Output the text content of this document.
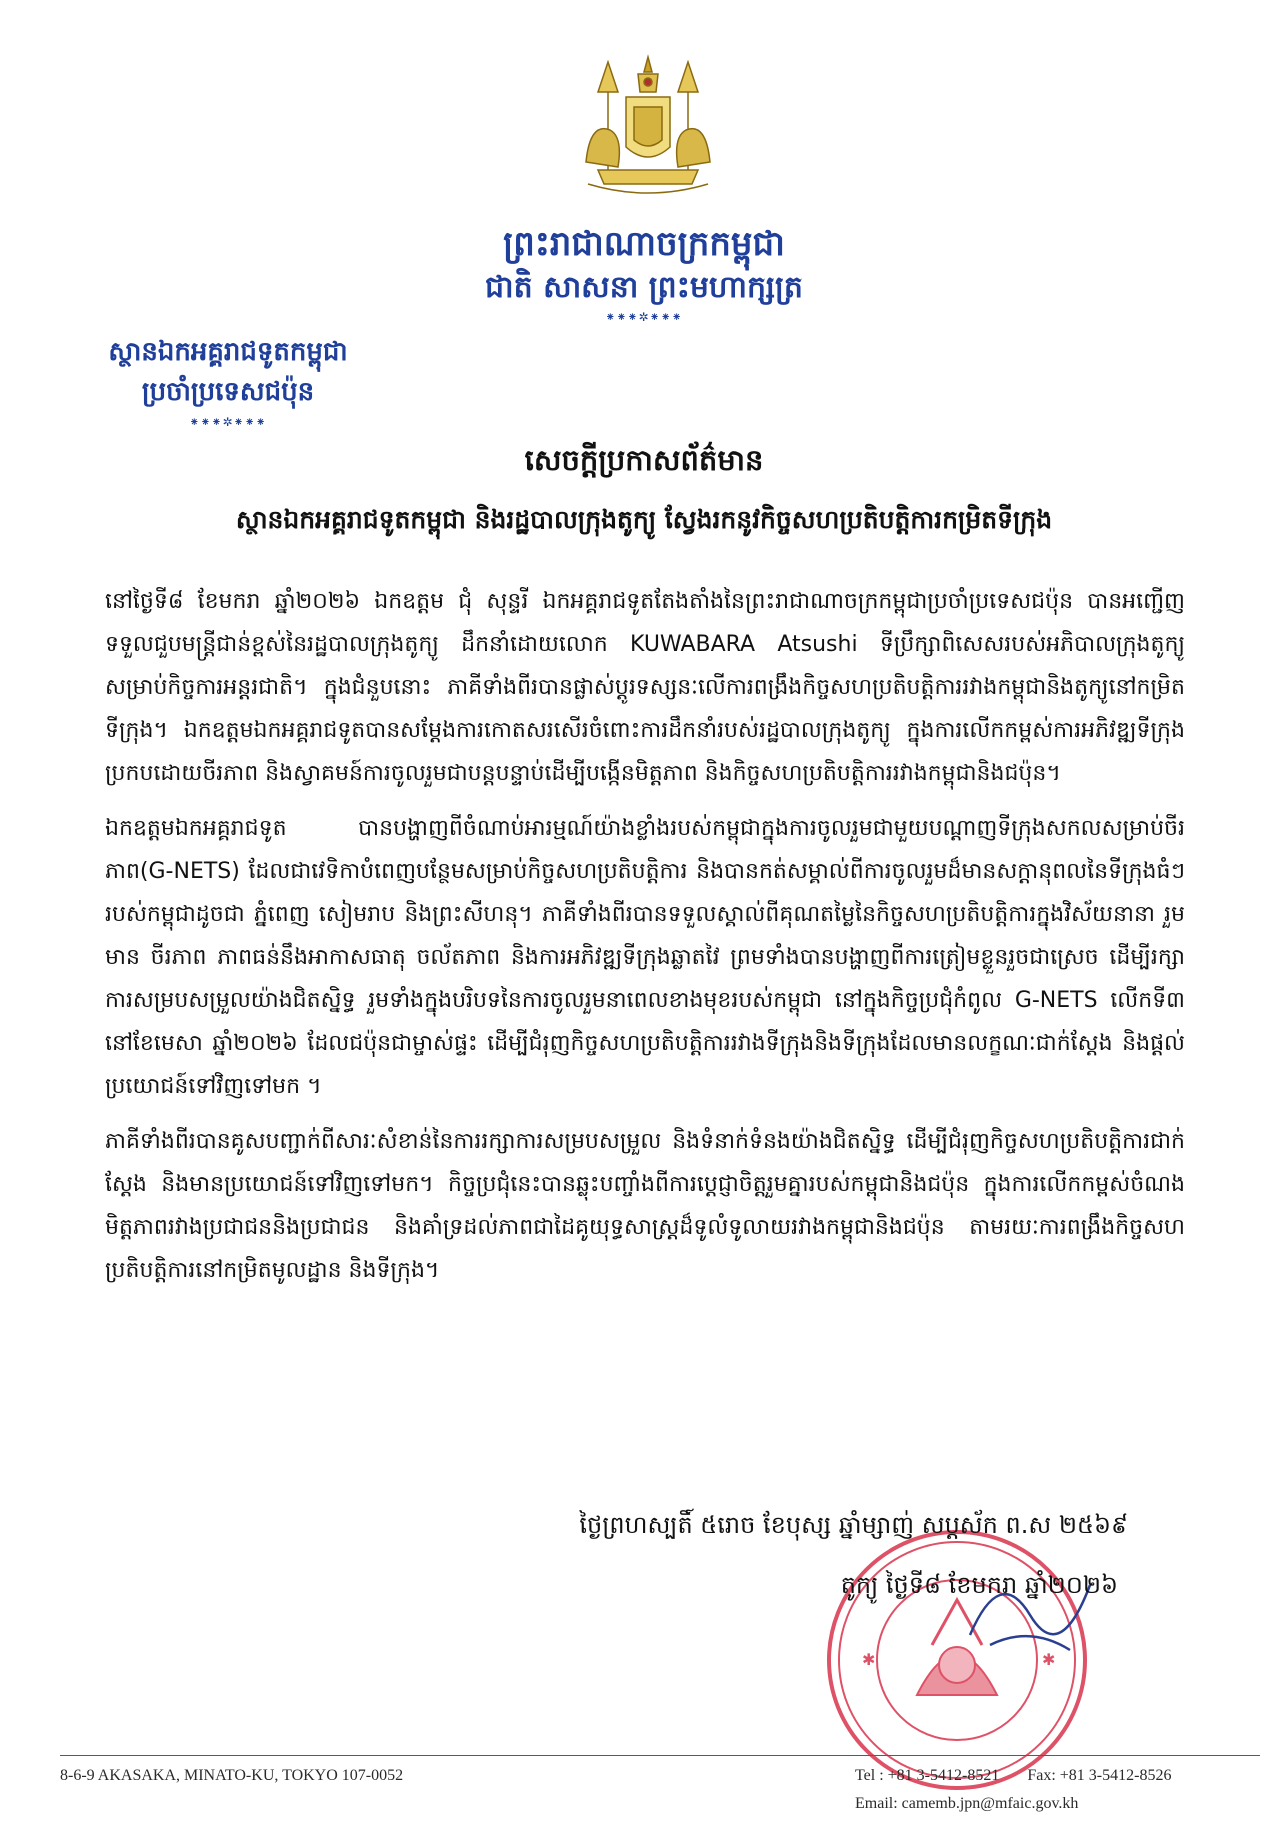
ព្រះរាជាណាចក្រកម្ពុជា
ជាតិ សាសនា ព្រះមហាក្សត្រ
⁕⁕⁕✲⁕⁕⁕
ស្ថានឯកអគ្គរាជទូតកម្ពុជា
ប្រចាំប្រទេសជប៉ុន
⁕⁕⁕✲⁕⁕⁕
សេចក្តីប្រកាសព័ត៌មាន
ស្ថានឯកអគ្គរាជទូតកម្ពុជា និងរដ្ឋបាលក្រុងតូក្យូ ស្វែងរកនូវកិច្ចសហប្រតិបត្តិការកម្រិតទីក្រុង

នៅថ្ងៃទី៨ ខែមករា ឆ្នាំ២០២៦ ឯកឧត្តម ជុំ សុន្ទរី ឯកអគ្គរាជទូតតែងតាំងនៃព្រះរាជាណាចក្រកម្ពុជាប្រចាំប្រទេសជប៉ុន បានអញ្ជើញទទួលជួបមន្ត្រីជាន់ខ្ពស់នៃរដ្ឋបាលក្រុងតូក្យូ ដឹកនាំដោយលោក KUWABARA Atsushi ទីប្រឹក្សាពិសេសរបស់អភិបាលក្រុងតូក្យូសម្រាប់កិច្ចការអន្តរជាតិ។ ក្នុងជំនួបនោះ ភាគីទាំងពីរបានផ្លាស់ប្តូរទស្សនៈលើការពង្រឹងកិច្ចសហប្រតិបត្តិការរវាងកម្ពុជានិងតូក្យូនៅកម្រិតទីក្រុង។ ឯកឧត្តមឯកអគ្គរាជទូតបានសម្តែងការកោតសរសើរចំពោះការដឹកនាំរបស់រដ្ឋបាលក្រុងតូក្យូ ក្នុងការលើកកម្ពស់ការអភិវឌ្ឍទីក្រុងប្រកបដោយចីរភាព និងស្វាគមន៍ការចូលរួមជាបន្តបន្ទាប់ដើម្បីបង្កើនមិត្តភាព និងកិច្ចសហប្រតិបត្តិការរវាងកម្ពុជានិងជប៉ុន។

ឯកឧត្តមឯកអគ្គរាជទូត បានបង្ហាញពីចំណាប់អារម្មណ៍យ៉ាងខ្លាំងរបស់កម្ពុជាក្នុងការចូលរួមជាមួយបណ្តាញទីក្រុងសកលសម្រាប់ចីរភាព(G-NETS) ដែលជាវេទិកាបំពេញបន្ថែមសម្រាប់កិច្ចសហប្រតិបត្តិការ និងបានកត់សម្គាល់ពីការចូលរួមដ៏មានសក្តានុពលនៃទីក្រុងធំៗរបស់កម្ពុជាដូចជា ភ្នំពេញ សៀមរាប និងព្រះសីហនុ។ ភាគីទាំងពីរបានទទួលស្គាល់ពីគុណតម្លៃនៃកិច្ចសហប្រតិបត្តិការក្នុងវិស័យនានា រួមមាន ចីរភាព ភាពធន់នឹងអាកាសធាតុ ចល័តភាព និងការអភិវឌ្ឍទីក្រុងឆ្លាតវៃ ព្រមទាំងបានបង្ហាញពីការត្រៀមខ្លួនរួចជាស្រេច ដើម្បីរក្សាការសម្របសម្រួលយ៉ាងជិតស្និទ្ធ រួមទាំងក្នុងបរិបទនៃការចូលរួមនាពេលខាងមុខរបស់កម្ពុជា នៅក្នុងកិច្ចប្រជុំកំពូល G-NETS លើកទី៣ នៅខែមេសា ឆ្នាំ២០២៦ ដែលជប៉ុនជាម្ចាស់ផ្ទះ ដើម្បីជំរុញកិច្ចសហប្រតិបត្តិការរវាងទីក្រុងនិងទីក្រុងដែលមានលក្ខណៈជាក់ស្តែង និងផ្តល់ប្រយោជន៍ទៅវិញទៅមក ។

ភាគីទាំងពីរបានគូសបញ្ជាក់ពីសារៈសំខាន់នៃការរក្សាការសម្របសម្រួល និងទំនាក់ទំនងយ៉ាងជិតស្និទ្ធ ដើម្បីជំរុញកិច្ចសហប្រតិបត្តិការជាក់ស្តែង និងមានប្រយោជន៍ទៅវិញទៅមក។ កិច្ចប្រជុំនេះបានឆ្លុះបញ្ចាំងពីការប្តេជ្ញាចិត្តរួមគ្នារបស់កម្ពុជានិងជប៉ុន ក្នុងការលើកកម្ពស់ចំណងមិត្តភាពរវាងប្រជាជននិងប្រជាជន និងគាំទ្រដល់ភាពជាដៃគូយុទ្ធសាស្ត្រដ៏ទូលំទូលាយរវាងកម្ពុជានិងជប៉ុន តាមរយៈការពង្រឹងកិច្ចសហប្រតិបត្តិការនៅកម្រិតមូលដ្ឋាន និងទីក្រុង។

✱	✱
ថ្ងៃព្រហស្បតិ៍ ៥រោច ខែបុស្ស ឆ្នាំម្សាញ់ សប្តស័ក ព.ស ២៥៦៩
តូក្យូ ថ្ងៃទី៨ ខែមករា ឆ្នាំ២០២៦
8-6-9 AKASAKA, MINATO-KU, TOKYO 107-0052	Tel : +81 3-5412-8521 Fax: +81 3-5412-8526
Email: camemb.jpn@mfaic.gov.kh
